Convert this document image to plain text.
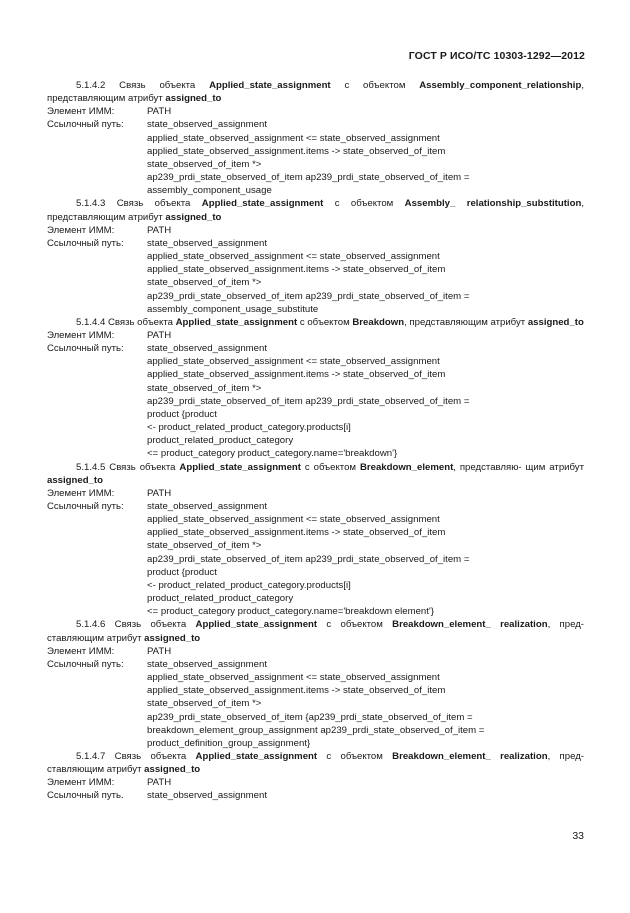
ГОСТ Р ИСО/ТС 10303-1292—2012
5.1.4.2 Связь объекта Applied_state_assignment с объектом Assembly_component_relationship, представляющим атрибут assigned_to
Элемент ИММ:	PATH
Ссылочный путь:	state_observed_assignment
applied_state_observed_assignment <= state_observed_assignment
applied_state_observed_assignment.items -> state_observed_of_item
state_observed_of_item *>
ap239_prdi_state_observed_of_item ap239_prdi_state_observed_of_item =
assembly_component_usage
5.1.4.3 Связь объекта Applied_state_assignment с объектом Assembly_ relationship_substitution, представляющим атрибут assigned_to
Элемент ИММ:	PATH
Ссылочный путь:	state_observed_assignment
applied_state_observed_assignment <= state_observed_assignment
applied_state_observed_assignment.items -> state_observed_of_item
state_observed_of_item *>
ap239_prdi_state_observed_of_item ap239_prdi_state_observed_of_item =
assembly_component_usage_substitute
5.1.4.4 Связь объекта Applied_state_assignment с объектом Breakdown, представляющим атрибут assigned_to
Элемент ИММ:	PATH
Ссылочный путь:	state_observed_assignment
applied_state_observed_assignment <= state_observed_assignment
applied_state_observed_assignment.items -> state_observed_of_item
state_observed_of_item *>
ap239_prdi_state_observed_of_item ap239_prdi_state_observed_of_item =
product {product
<- product_related_product_category.products[i]
product_related_product_category
<= product_category product_category.name='breakdown'}
5.1.4.5 Связь объекта Applied_state_assignment с объектом Breakdown_element, представляю- щим атрибут assigned_to
Элемент ИММ:	PATH
Ссылочный путь:	state_observed_assignment
applied_state_observed_assignment <= state_observed_assignment
applied_state_observed_assignment.items -> state_observed_of_item
state_observed_of_item *>
ap239_prdi_state_observed_of_item ap239_prdi_state_observed_of_item =
product {product
<- product_related_product_category.products[i]
product_related_product_category
<= product_category product_category.name='breakdown element'}
5.1.4.6 Связь объекта Applied_state_assignment с объектом Breakdown_element_ realization, пред- ставляющим атрибут assigned_to
Элемент ИММ:	PATH
Ссылочный путь:	state_observed_assignment
applied_state_observed_assignment <= state_observed_assignment
applied_state_observed_assignment.items -> state_observed_of_item
state_observed_of_item *>
ap239_prdi_state_observed_of_item {ap239_prdi_state_observed_of_item =
breakdown_element_group_assignment ap239_prdi_state_observed_of_item =
product_definition_group_assignment}
5.1.4.7 Связь объекта Applied_state_assignment с объектом Breakdown_element_ realization, пред- ставляющим атрибут assigned_to
Элемент ИММ:	PATH
Ссылочный путь.	state_observed_assignment
33
